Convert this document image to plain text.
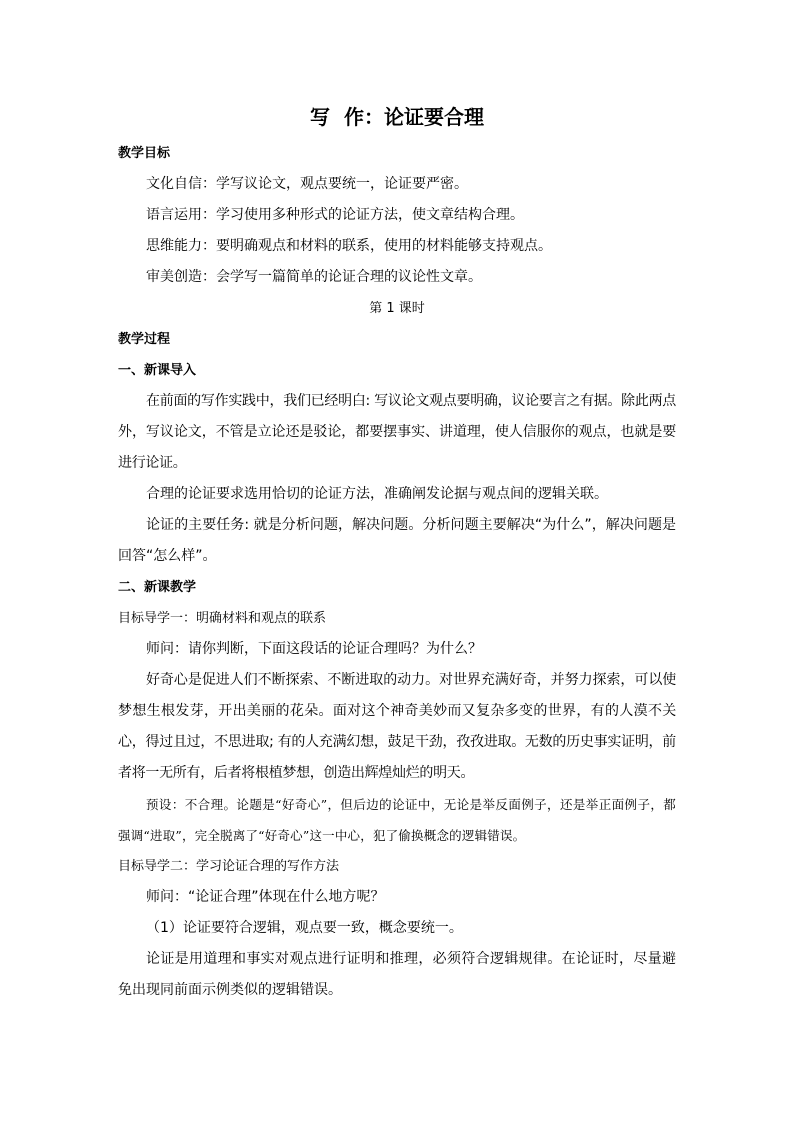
写  作：论证要合理

教学目标

文化自信：学写议论文，观点要统一，论证要严密。

语言运用：学习使用多种形式的论证方法，使文章结构合理。

思维能力：要明确观点和材料的联系，使用的材料能够支持观点。

审美创造：会学写一篇简单的论证合理的议论性文章。

第 1 课时

教学过程

一、新课导入

在前面的写作实践中，我们已经明白: 写议论文观点要明确，议论要言之有据。除此两点外，写议论文，不管是立论还是驳论，都要摆事实、讲道理，使人信服你的观点，也就是要进行论证。

合理的论证要求选用恰切的论证方法，准确阐发论据与观点间的逻辑关联。

论证的主要任务: 就是分析问题，解决问题。分析问题主要解决“为什么”，解决问题是回答“怎么样”。

二、新课教学

目标导学一：明确材料和观点的联系

师问：请你判断，下面这段话的论证合理吗？为什么？

好奇心是促进人们不断探索、不断进取的动力。对世界充满好奇，并努力探索，可以使梦想生根发芽，开出美丽的花朵。面对这个神奇美妙而又复杂多变的世界，有的人漠不关心，得过且过，不思进取; 有的人充满幻想，鼓足干劲，孜孜进取。无数的历史事实证明，前者将一无所有，后者将根植梦想，创造出辉煌灿烂的明天。

预设：不合理。论题是“好奇心”，但后边的论证中，无论是举反面例子，还是举正面例子，都强调“进取”，完全脱离了“好奇心”这一中心，犯了偷换概念的逻辑错误。

目标导学二：学习论证合理的写作方法

师问：“论证合理”体现在什么地方呢？

（1）论证要符合逻辑，观点要一致，概念要统一。

论证是用道理和事实对观点进行证明和推理，必须符合逻辑规律。在论证时，尽量避免出现同前面示例类似的逻辑错误。
